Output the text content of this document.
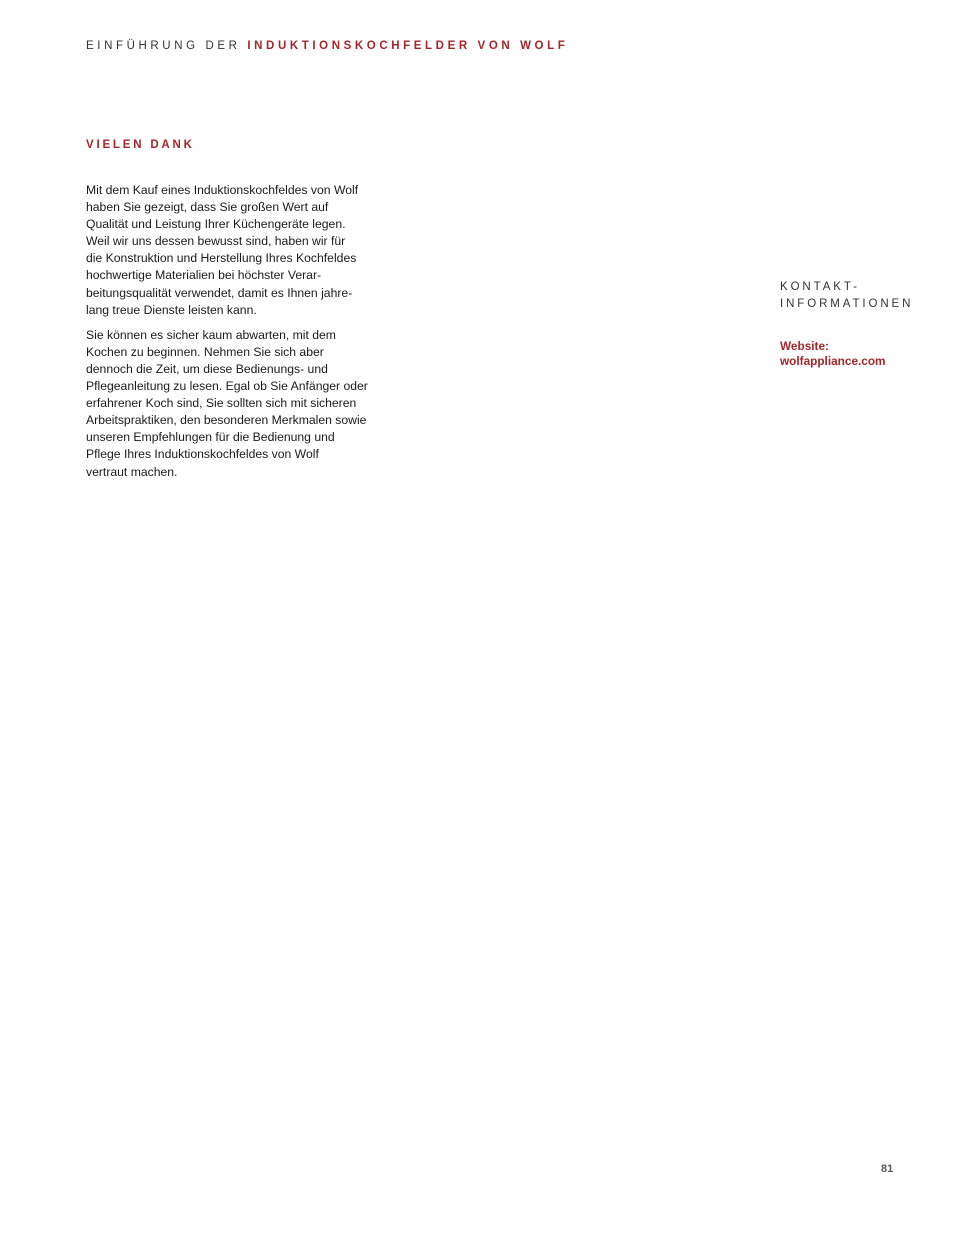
EINFÜHRUNG DER INDUKTIONSKOCHFELDER VON WOLF
VIELEN DANK

Mit dem Kauf eines Induktionskochfeldes von Wolf
haben Sie gezeigt, dass Sie großen Wert auf
Qualität und Leistung Ihrer Küchengeräte legen.
Weil wir uns dessen bewusst sind, haben wir für
die Konstruktion und Herstellung Ihres Kochfeldes
hochwertige Materialien bei höchster Verar-
beitungsqualität verwendet, damit es Ihnen jahre-
lang treue Dienste leisten kann.

Sie können es sicher kaum abwarten, mit dem
Kochen zu beginnen. Nehmen Sie sich aber
dennoch die Zeit, um diese Bedienungs- und
Pflegeanleitung zu lesen. Egal ob Sie Anfänger oder
erfahrener Koch sind, Sie sollten sich mit sicheren
Arbeitspraktiken, den besonderen Merkmalen sowie
unseren Empfehlungen für die Bedienung und
Pflege Ihres Induktionskochfeldes von Wolf
vertraut machen.

KONTAKT-
INFORMATIONEN
Website:
wolfappliance.com
81
